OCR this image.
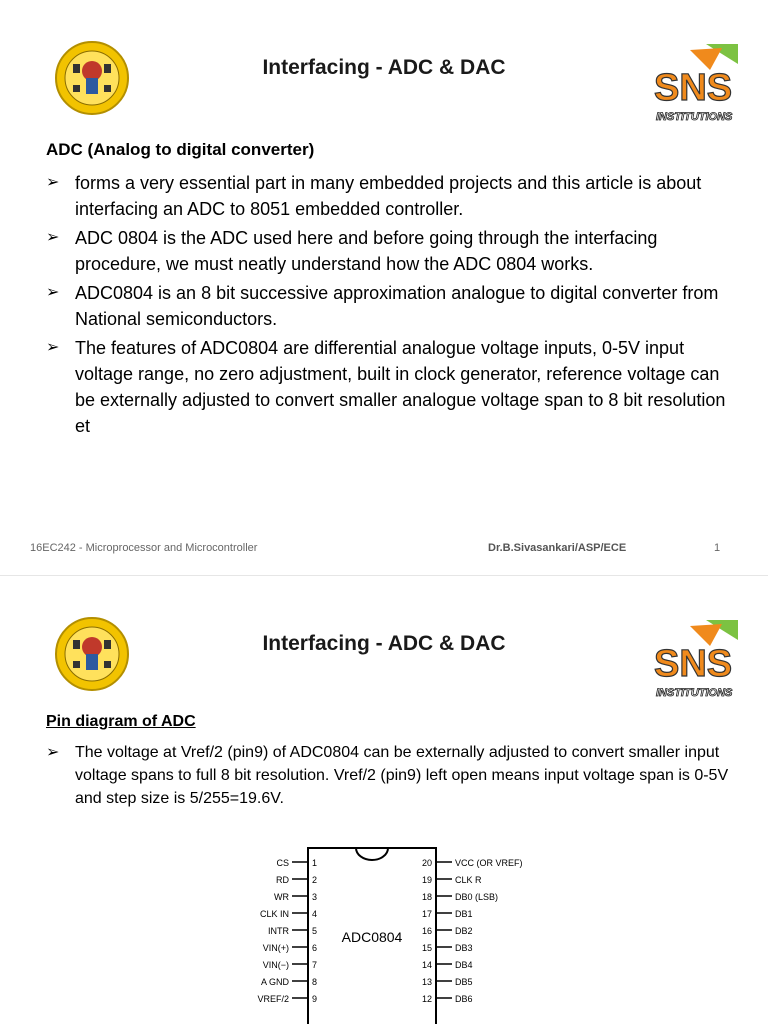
Interfacing - ADC & DAC	SNS
INSTITUTIONS
ADC (Analog to digital converter)
➢ forms a very essential part in many embedded projects and this article is about interfacing an ADC to 8051 embedded controller.
➢ ADC 0804 is the ADC used here and before going through the interfacing procedure, we must neatly understand how the ADC 0804 works.
➢ ADC0804 is an 8 bit successive approximation analogue to digital converter from National semiconductors.
➢ The features of ADC0804 are differential analogue voltage inputs, 0-5V input voltage range, no zero adjustment, built in clock generator, reference voltage can be externally adjusted to convert smaller analogue voltage span to 8 bit resolution et
16EC242 - Microprocessor and Microcontroller	Dr.B.Sivasankari/ASP/ECE	1
Interfacing - ADC & DAC	SNS
INSTITUTIONS
Pin diagram of ADC
➢ The voltage at Vref/2 (pin9) of ADC0804 can be externally adjusted to convert smaller input voltage spans to full 8 bit resolution. Vref/2 (pin9) left open means input voltage span is 0-5V and step size is 5/255=19.6V.
ADC0804
1
CS
2
RD
3
WR
4
CLK IN
5
INTR
6
VIN(+)
7
VIN(−)
8
A GND
9
VREF/2
20	VCC (OR VREF)
19	CLK R
18	DB0 (LSB)
17	DB1
16	DB2
15	DB3
14	DB4
13	DB5
12	DB6
